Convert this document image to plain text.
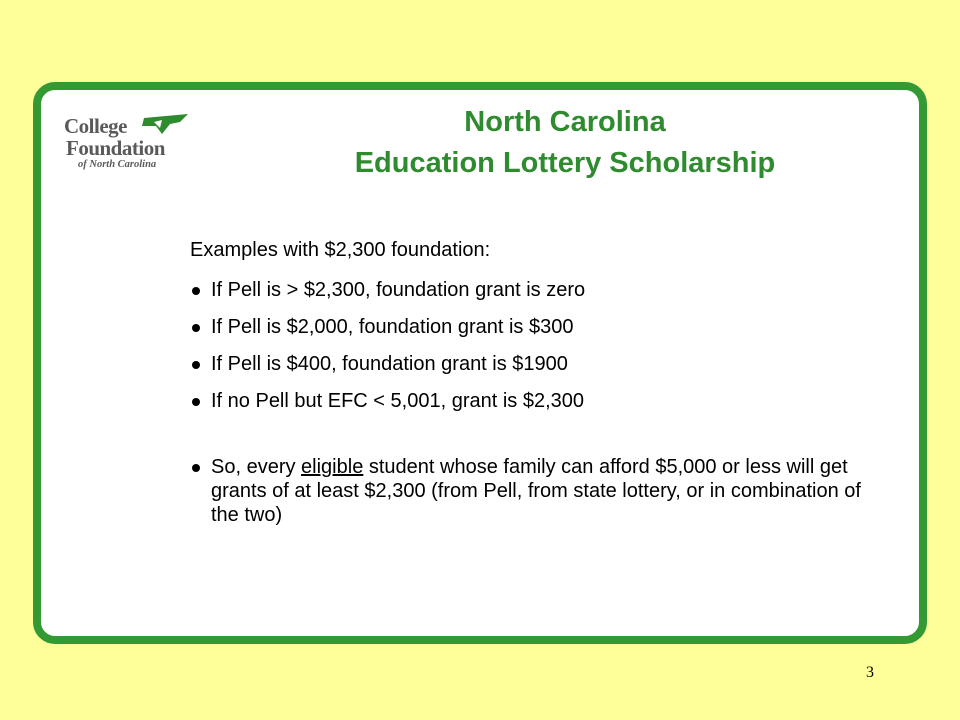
College
Foundation
of North Carolina
North Carolina
Education Lottery Scholarship

Examples with $2,300 foundation:

If Pell is > $2,300, foundation grant is zero
If Pell is $2,000, foundation grant is $300
If Pell is $400, foundation grant is $1900
If no Pell but EFC < 5,001, grant is $2,300
So, every eligible student whose family can afford $5,000 or less will get grants of at least $2,300 (from Pell, from state lottery, or in combination of the two)
3
